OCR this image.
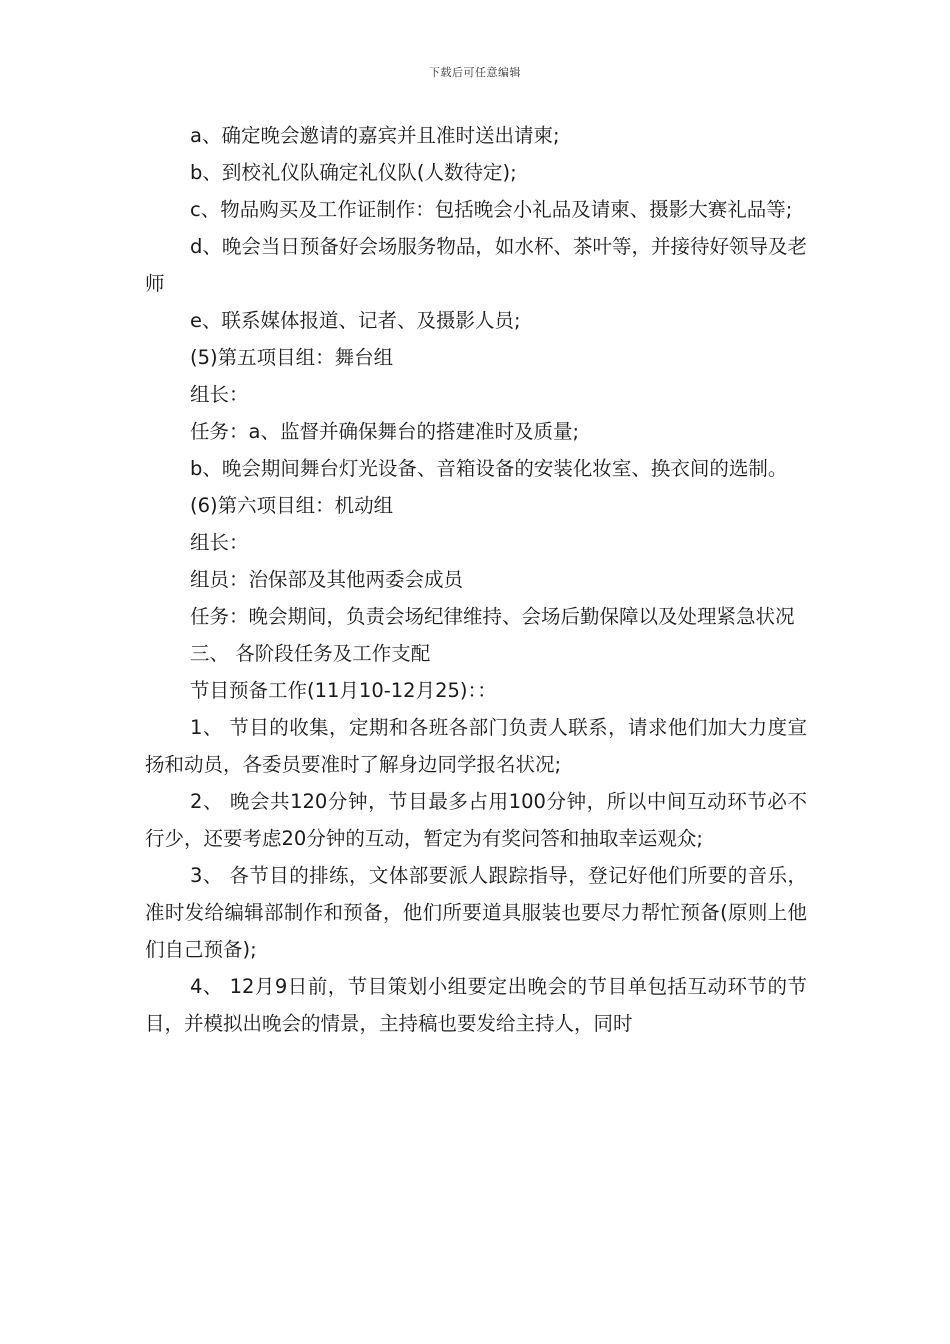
下载后可任意编辑

a、确定晚会邀请的嘉宾并且准时送出请柬;

b、到校礼仪队确定礼仪队(人数待定);

c、物品购买及工作证制作：包括晚会小礼品及请柬、摄影大赛礼品等;

d、晚会当日预备好会场服务物品，如水杯、茶叶等，并接待好领导及老师

e、联系媒体报道、记者、及摄影人员;

(5)第五项目组：舞台组

组长：

任务：a、监督并确保舞台的搭建准时及质量;

b、晚会期间舞台灯光设备、音箱设备的安装化妆室、换衣间的选制。

(6)第六项目组：机动组

组长：

组员：治保部及其他两委会成员

任务：晚会期间，负责会场纪律维持、会场后勤保障以及处理紧急状况

三、 各阶段任务及工作支配

节目预备工作(11月10-12月25)：：

1、 节目的收集，定期和各班各部门负责人联系，请求他们加大力度宣扬和动员，各委员要准时了解身边同学报名状况;

2、 晚会共120分钟，节目最多占用100分钟，所以中间互动环节必不行少，还要考虑20分钟的互动，暂定为有奖问答和抽取幸运观众;

3、 各节目的排练，文体部要派人跟踪指导，登记好他们所要的音乐，准时发给编辑部制作和预备，他们所要道具服装也要尽力帮忙预备(原则上他们自己预备);

4、 12月9日前，节目策划小组要定出晚会的节目单包括互动环节的节目，并模拟出晚会的情景，主持稿也要发给主持人，同时
